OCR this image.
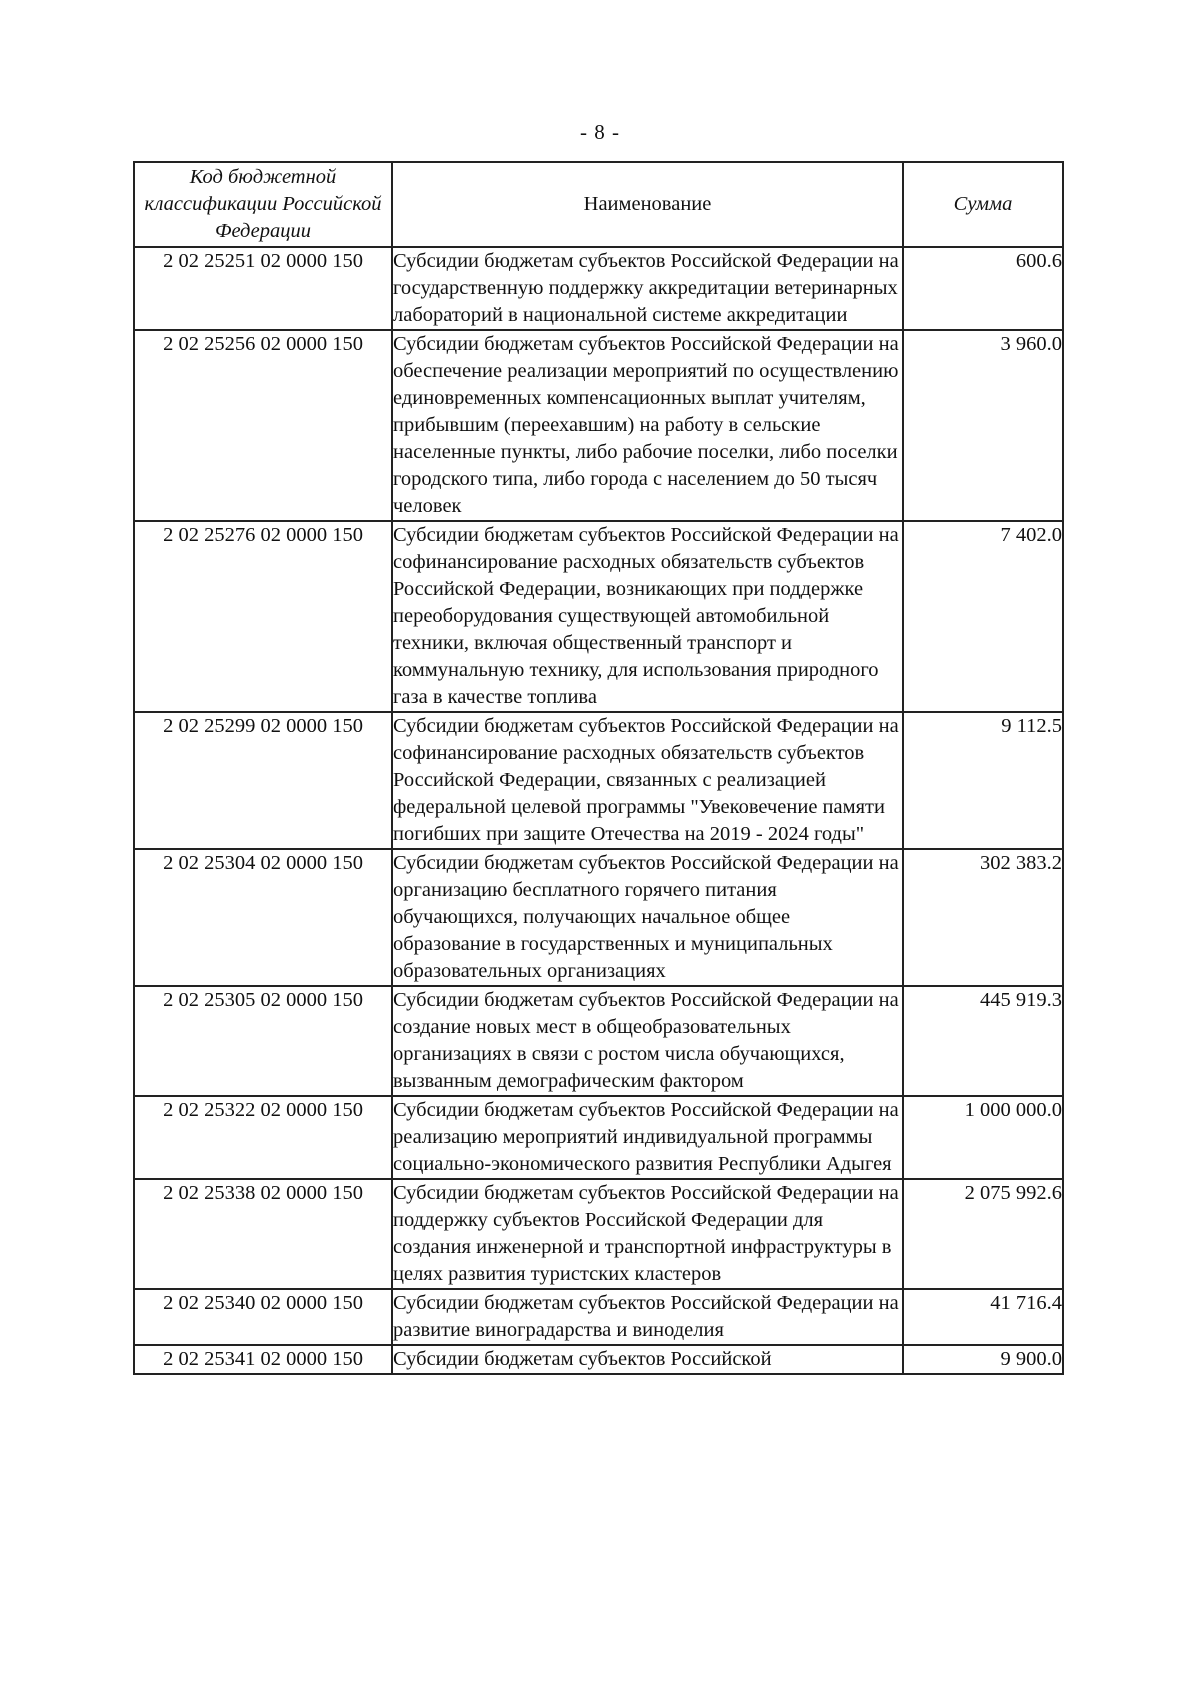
- 8 -
Код бюджетной классификации Российской Федерации	Наименование	Сумма
2 02 25251 02 0000 150	Субсидии бюджетам субъектов Российской Федерации на государственную поддержку аккредитации ветеринарных лабораторий в национальной системе аккредитации	600.6
2 02 25256 02 0000 150	Субсидии бюджетам субъектов Российской Федерации на обеспечение реализации мероприятий по осуществлению единовременных компенсационных выплат учителям, прибывшим (переехавшим) на работу в сельские населенные пункты, либо рабочие поселки, либо поселки городского типа, либо города с населением до 50 тысяч человек	3 960.0
2 02 25276 02 0000 150	Субсидии бюджетам субъектов Российской Федерации на софинансирование расходных обязательств субъектов Российской Федерации, возникающих при поддержке переоборудования существующей автомобильной техники, включая общественный транспорт и коммунальную технику, для использования природного газа в качестве топлива	7 402.0
2 02 25299 02 0000 150	Субсидии бюджетам субъектов Российской Федерации на софинансирование расходных обязательств субъектов Российской Федерации, связанных с реализацией федеральной целевой программы "Увековечение памяти погибших при защите Отечества на 2019 - 2024 годы"	9 112.5
2 02 25304 02 0000 150	Субсидии бюджетам субъектов Российской Федерации на организацию бесплатного горячего питания обучающихся, получающих начальное общее образование в государственных и муниципальных образовательных организациях	302 383.2
2 02 25305 02 0000 150	Субсидии бюджетам субъектов Российской Федерации на создание новых мест в общеобразовательных организациях в связи с ростом числа обучающихся, вызванным демографическим фактором	445 919.3
2 02 25322 02 0000 150	Субсидии бюджетам субъектов Российской Федерации на реализацию мероприятий индивидуальной программы социально-экономического развития Республики Адыгея	1 000 000.0
2 02 25338 02 0000 150	Субсидии бюджетам субъектов Российской Федерации на поддержку субъектов Российской Федерации для создания инженерной и транспортной инфраструктуры в целях развития туристских кластеров	2 075 992.6
2 02 25340 02 0000 150	Субсидии бюджетам субъектов Российской Федерации на развитие виноградарства и виноделия	41 716.4
2 02 25341 02 0000 150	Субсидии бюджетам субъектов Российской	9 900.0
